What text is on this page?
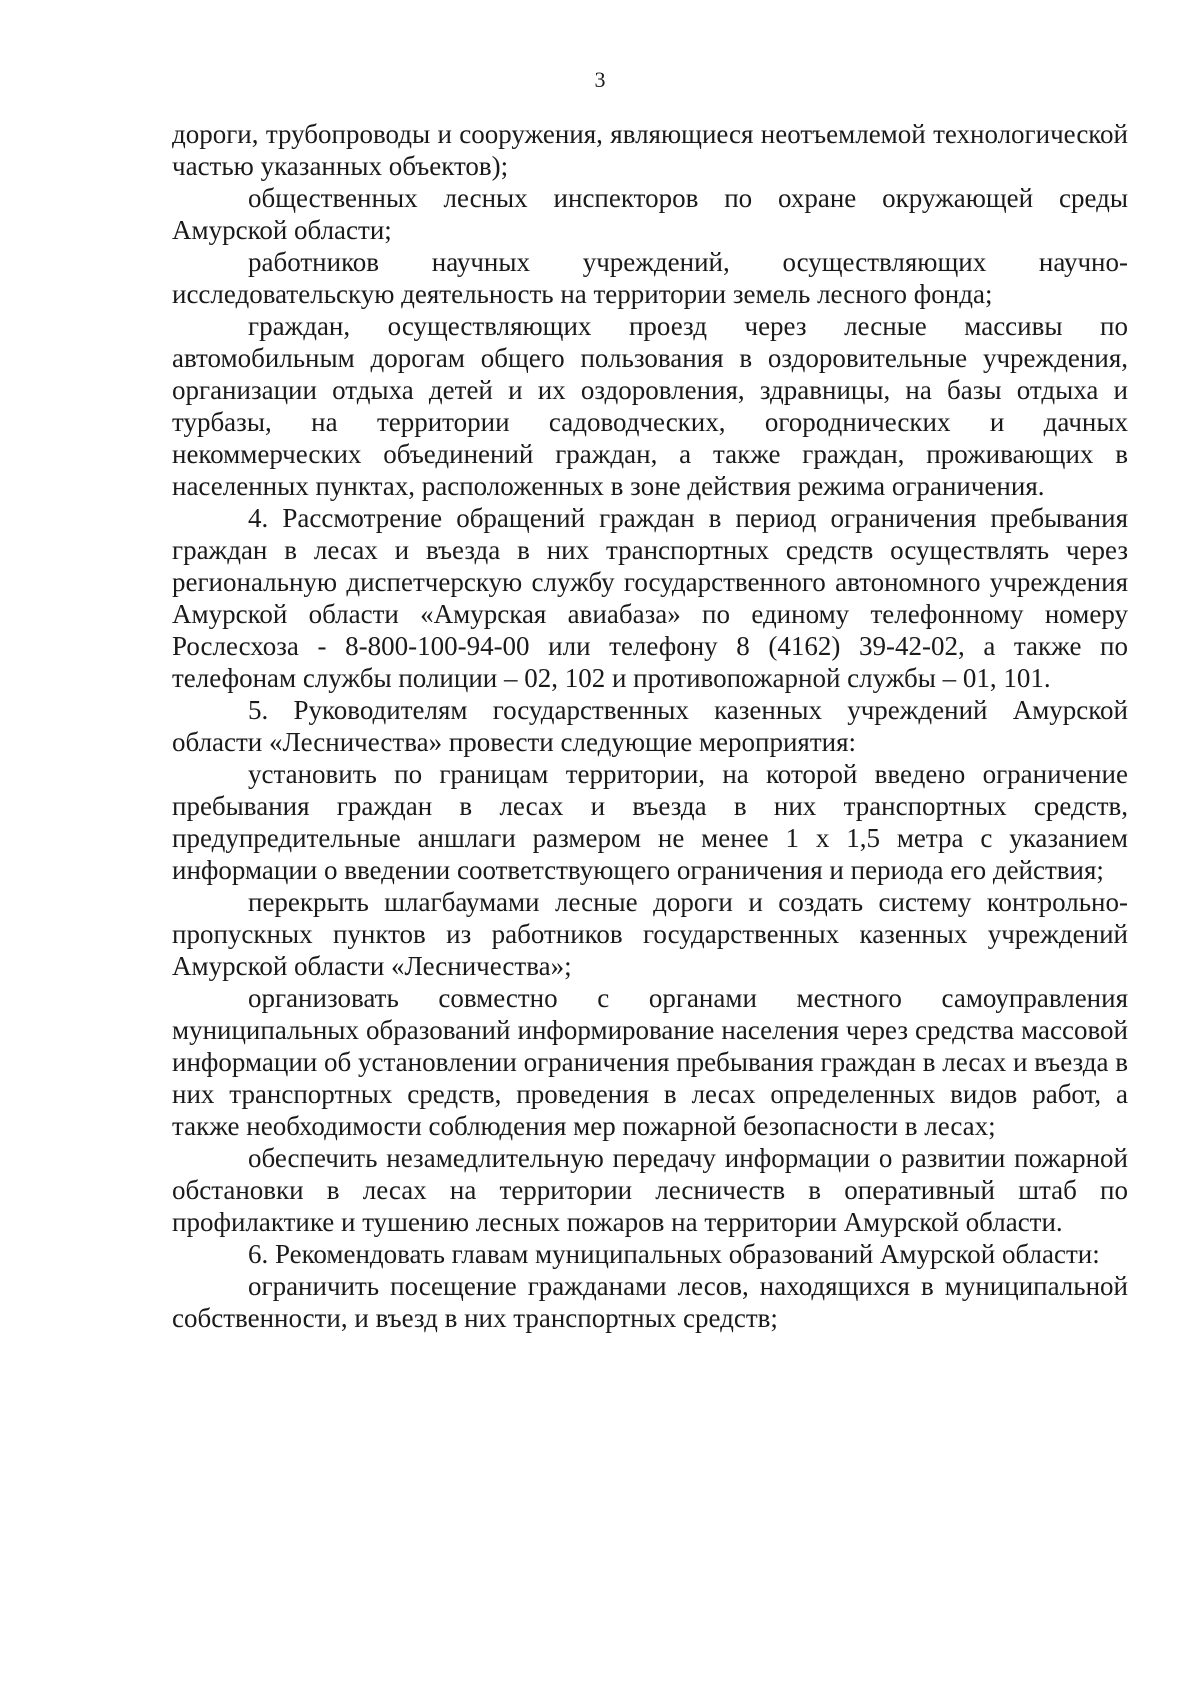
3

дороги, трубопроводы и сооружения, являющиеся неотъемлемой технологической частью указанных объектов);

общественных лесных инспекторов по охране окружающей среды Амурской области;

работников научных учреждений, осуществляющих научно-исследовательскую деятельность на территории земель лесного фонда;

граждан, осуществляющих проезд через лесные массивы по автомобильным дорогам общего пользования в оздоровительные учреждения, организации отдыха детей и их оздоровления, здравницы, на базы отдыха и турбазы, на территории садоводческих, огороднических и дачных некоммерческих объединений граждан, а также граждан, проживающих в населенных пунктах, расположенных в зоне действия режима ограничения.

4. Рассмотрение обращений граждан в период ограничения пребывания граждан в лесах и въезда в них транспортных средств осуществлять через региональную диспетчерскую службу государственного автономного учреждения Амурской области «Амурская авиабаза» по единому телефонному номеру Рослесхоза - 8-800-100-94-00 или телефону 8 (4162) 39-42-02, а также по телефонам службы полиции – 02, 102 и противопожарной службы – 01, 101.

5. Руководителям государственных казенных учреждений Амурской области «Лесничества» провести следующие мероприятия:

установить по границам территории, на которой введено ограничение пребывания граждан в лесах и въезда в них транспортных средств, предупредительные аншлаги размером не менее 1 х 1,5 метра с указанием информации о введении соответствующего ограничения и периода его действия;

перекрыть шлагбаумами лесные дороги и создать систему контрольно-пропускных пунктов из работников государственных казенных учреждений Амурской области «Лесничества»;

организовать совместно с органами местного самоуправления муниципальных образований информирование населения через средства массовой информации об установлении ограничения пребывания граждан в лесах и въезда в них транспортных средств, проведения в лесах определенных видов работ, а также необходимости соблюдения мер пожарной безопасности в лесах;

обеспечить незамедлительную передачу информации о развитии пожарной обстановки в лесах на территории лесничеств в оперативный штаб по профилактике и тушению лесных пожаров на территории Амурской области.

6. Рекомендовать главам муниципальных образований Амурской области:

ограничить посещение гражданами лесов, находящихся в муниципальной собственности, и въезд в них транспортных средств;
